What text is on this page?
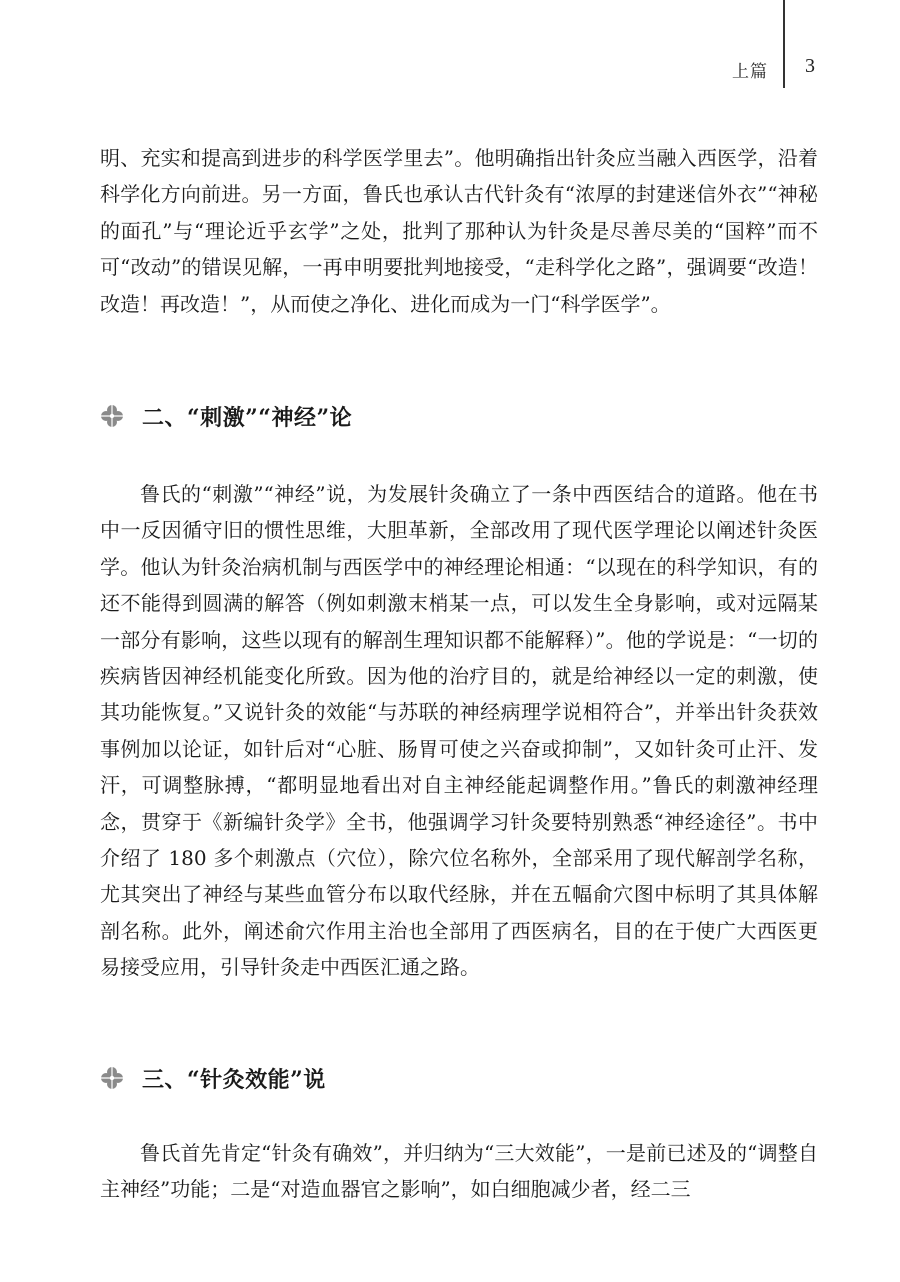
上篇 3

明、充实和提高到进步的科学医学里去”。他明确指出针灸应当融入西医学，沿着科学化方向前进。另一方面，鲁氏也承认古代针灸有“浓厚的封建迷信外衣”“神秘的面孔”与“理论近乎玄学”之处，批判了那种认为针灸是尽善尽美的“国粹”而不可“改动”的错误见解，一再申明要批判地接受，“走科学化之路”，强调要“改造！改造！再改造！”，从而使之净化、进化而成为一门“科学医学”。

二、“刺激”“神经”论

鲁氏的“刺激”“神经”说，为发展针灸确立了一条中西医结合的道路。他在书中一反因循守旧的惯性思维，大胆革新，全部改用了现代医学理论以阐述针灸医学。他认为针灸治病机制与西医学中的神经理论相通：“以现在的科学知识，有的还不能得到圆满的解答（例如刺激末梢某一点，可以发生全身影响，或对远隔某一部分有影响，这些以现有的解剖生理知识都不能解释）”。他的学说是：“一切的疾病皆因神经机能变化所致。因为他的治疗目的，就是给神经以一定的刺激，使其功能恢复。”又说针灸的效能“与苏联的神经病理学说相符合”，并举出针灸获效事例加以论证，如针后对“心脏、肠胃可使之兴奋或抑制”，又如针灸可止汗、发汗，可调整脉搏，“都明显地看出对自主神经能起调整作用。”鲁氏的刺激神经理念，贯穿于《新编针灸学》全书，他强调学习针灸要特别熟悉“神经途径”。书中介绍了 180 多个刺激点（穴位），除穴位名称外，全部采用了现代解剖学名称，尤其突出了神经与某些血管分布以取代经脉，并在五幅俞穴图中标明了其具体解剖名称。此外，阐述俞穴作用主治也全部用了西医病名，目的在于使广大西医更易接受应用，引导针灸走中西医汇通之路。

三、“针灸效能”说

鲁氏首先肯定“针灸有确效”，并归纳为“三大效能”，一是前已述及的“调整自主神经”功能；二是“对造血器官之影响”，如白细胞减少者，经二三
